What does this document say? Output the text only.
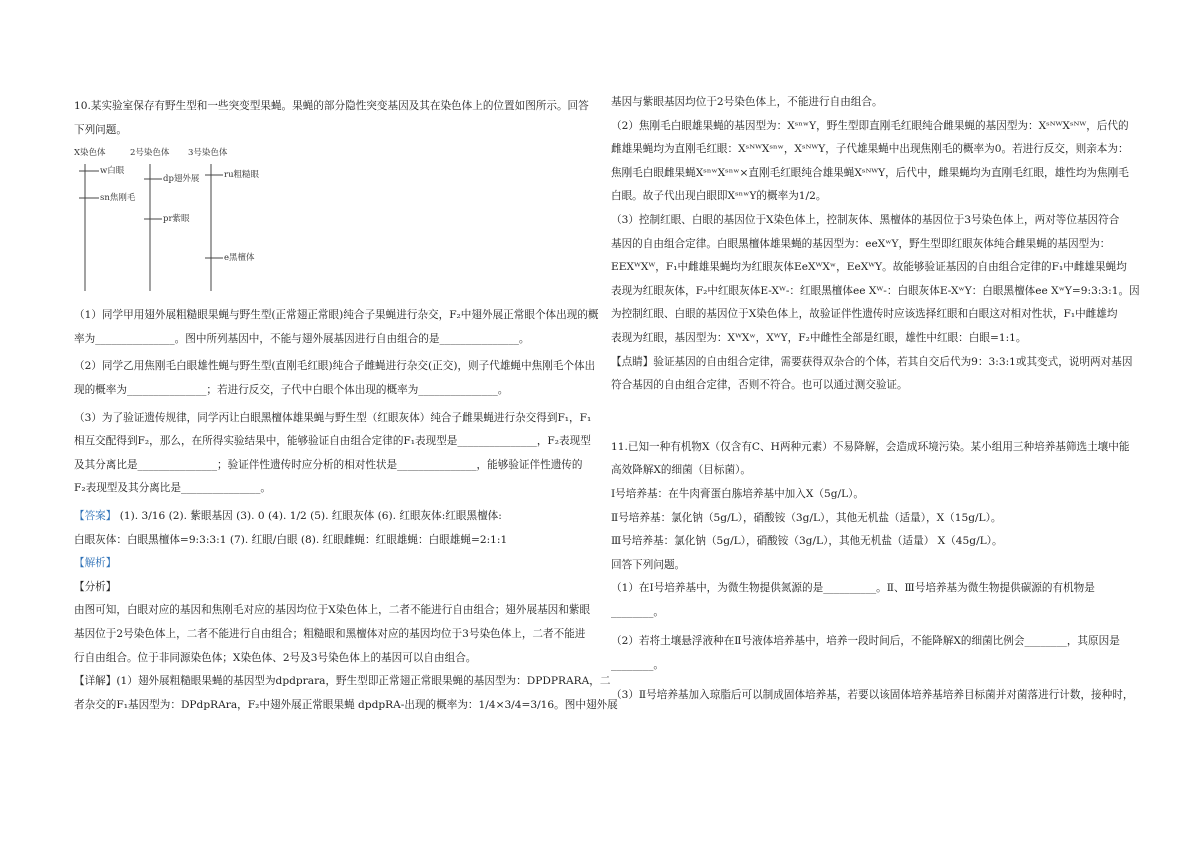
10.某实验室保存有野生型和一些突变型果蝇。果蝇的部分隐性突变基因及其在染色体上的位置如图所示。回答

下列问题。

X染色体	2号染色体 3号染色体
w白眼
sn焦刚毛
dp翅外展
pr紫眼
ru粗糙眼
e黑檀体

（1）同学甲用翅外展粗糙眼果蝇与野生型(正常翅正常眼)纯合子果蝇进行杂交，F₂中翅外展正常眼个体出现的概

率为_______________。图中所列基因中，不能与翅外展基因进行自由组合的是_______________。

（2）同学乙用焦刚毛白眼雄性蝇与野生型(直刚毛红眼)纯合子雌蝇进行杂交(正交)，则子代雄蝇中焦刚毛个体出

现的概率为_______________；若进行反交，子代中白眼个体出现的概率为_______________。

（3）为了验证遗传规律，同学丙让白眼黑檀体雄果蝇与野生型（红眼灰体）纯合子雌果蝇进行杂交得到F₁，F₁

相互交配得到F₂，那么，在所得实验结果中，能够验证自由组合定律的F₁表现型是_______________，F₂表现型

及其分离比是_______________；验证伴性遗传时应分析的相对性状是_______________，能够验证伴性遗传的

F₂表现型及其分离比是_______________。

【答案】 (1). 3/16 (2). 紫眼基因 (3). 0 (4). 1/2 (5). 红眼灰体 (6). 红眼灰体:红眼黑檀体:

白眼灰体：白眼黑檀体=9:3:3:1 (7). 红眼/白眼 (8). 红眼雌蝇：红眼雄蝇：白眼雄蝇=2:1:1

【解析】

【分析】

由图可知，白眼对应的基因和焦刚毛对应的基因均位于X染色体上，二者不能进行自由组合；翅外展基因和紫眼

基因位于2号染色体上，二者不能进行自由组合；粗糙眼和黑檀体对应的基因均位于3号染色体上，二者不能进

行自由组合。位于非同源染色体；X染色体、2号及3号染色体上的基因可以自由组合。

【详解】(1）翅外展粗糙眼果蝇的基因型为dpdprara，野生型即正常翅正常眼果蝇的基因型为：DPDPRARA，二

者杂交的F₁基因型为：DPdpRAra，F₂中翅外展正常眼果蝇 dpdpRA-出现的概率为：1/4×3/4=3/16。图中翅外展

基因与紫眼基因均位于2号染色体上，不能进行自由组合。

（2）焦刚毛白眼雄果蝇的基因型为：XˢⁿʷY，野生型即直刚毛红眼纯合雌果蝇的基因型为：XˢᴺᵂXˢᴺᵂ，后代的

雌雄果蝇均为直刚毛红眼：XˢᴺᵂXˢⁿʷ，XˢᴺᵂY，子代雄果蝇中出现焦刚毛的概率为0。若进行反交，则亲本为：

焦刚毛白眼雌果蝇XˢⁿʷXˢⁿʷ×直刚毛红眼纯合雄果蝇XˢᴺᵂY，后代中，雌果蝇均为直刚毛红眼，雄性均为焦刚毛

白眼。故子代出现白眼即XˢⁿʷY的概率为1/2。

（3）控制红眼、白眼的基因位于X染色体上，控制灰体、黑檀体的基因位于3号染色体上，两对等位基因符合

基因的自由组合定律。白眼黑檀体雄果蝇的基因型为：eeXʷY，野生型即红眼灰体纯合雌果蝇的基因型为：

EEXᵂXᵂ，F₁中雌雄果蝇均为红眼灰体EeXᵂXʷ，EeXᵂY。故能够验证基因的自由组合定律的F₁中雌雄果蝇均

表现为红眼灰体，F₂中红眼灰体E-Xᵂ-：红眼黑檀体ee Xᵂ-：白眼灰体E-XʷY：白眼黑檀体ee XʷY=9:3:3:1。因

为控制红眼、白眼的基因位于X染色体上，故验证伴性遗传时应该选择红眼和白眼这对相对性状，F₁中雌雄均

表现为红眼，基因型为：XᵂXʷ，XᵂY，F₂中雌性全部是红眼，雄性中红眼：白眼=1:1。

【点睛】验证基因的自由组合定律，需要获得双杂合的个体，若其自交后代为9：3:3:1或其变式，说明两对基因

符合基因的自由组合定律，否则不符合。也可以通过测交验证。

11.已知一种有机物X（仅含有C、H两种元素）不易降解，会造成环境污染。某小组用三种培养基筛选土壤中能

高效降解X的细菌（目标菌）。

Ⅰ号培养基：在牛肉膏蛋白胨培养基中加入X（5g/L）。

Ⅱ号培养基：氯化钠（5g/L），硝酸铵（3g/L），其他无机盐（适量），X（15g/L）。

Ⅲ号培养基：氯化钠（5g/L），硝酸铵（3g/L），其他无机盐（适量） X（45g/L）。

回答下列问题。

（1）在Ⅰ号培养基中，为微生物提供氮源的是__________。Ⅱ、Ⅲ号培养基为微生物提供碳源的有机物是

________。

（2）若将土壤悬浮液种在Ⅱ号液体培养基中，培养一段时间后，不能降解X的细菌比例会________，其原因是

________。

（3）Ⅱ号培养基加入琼脂后可以制成固体培养基，若要以该固体培养基培养目标菌并对菌落进行计数，接种时，
